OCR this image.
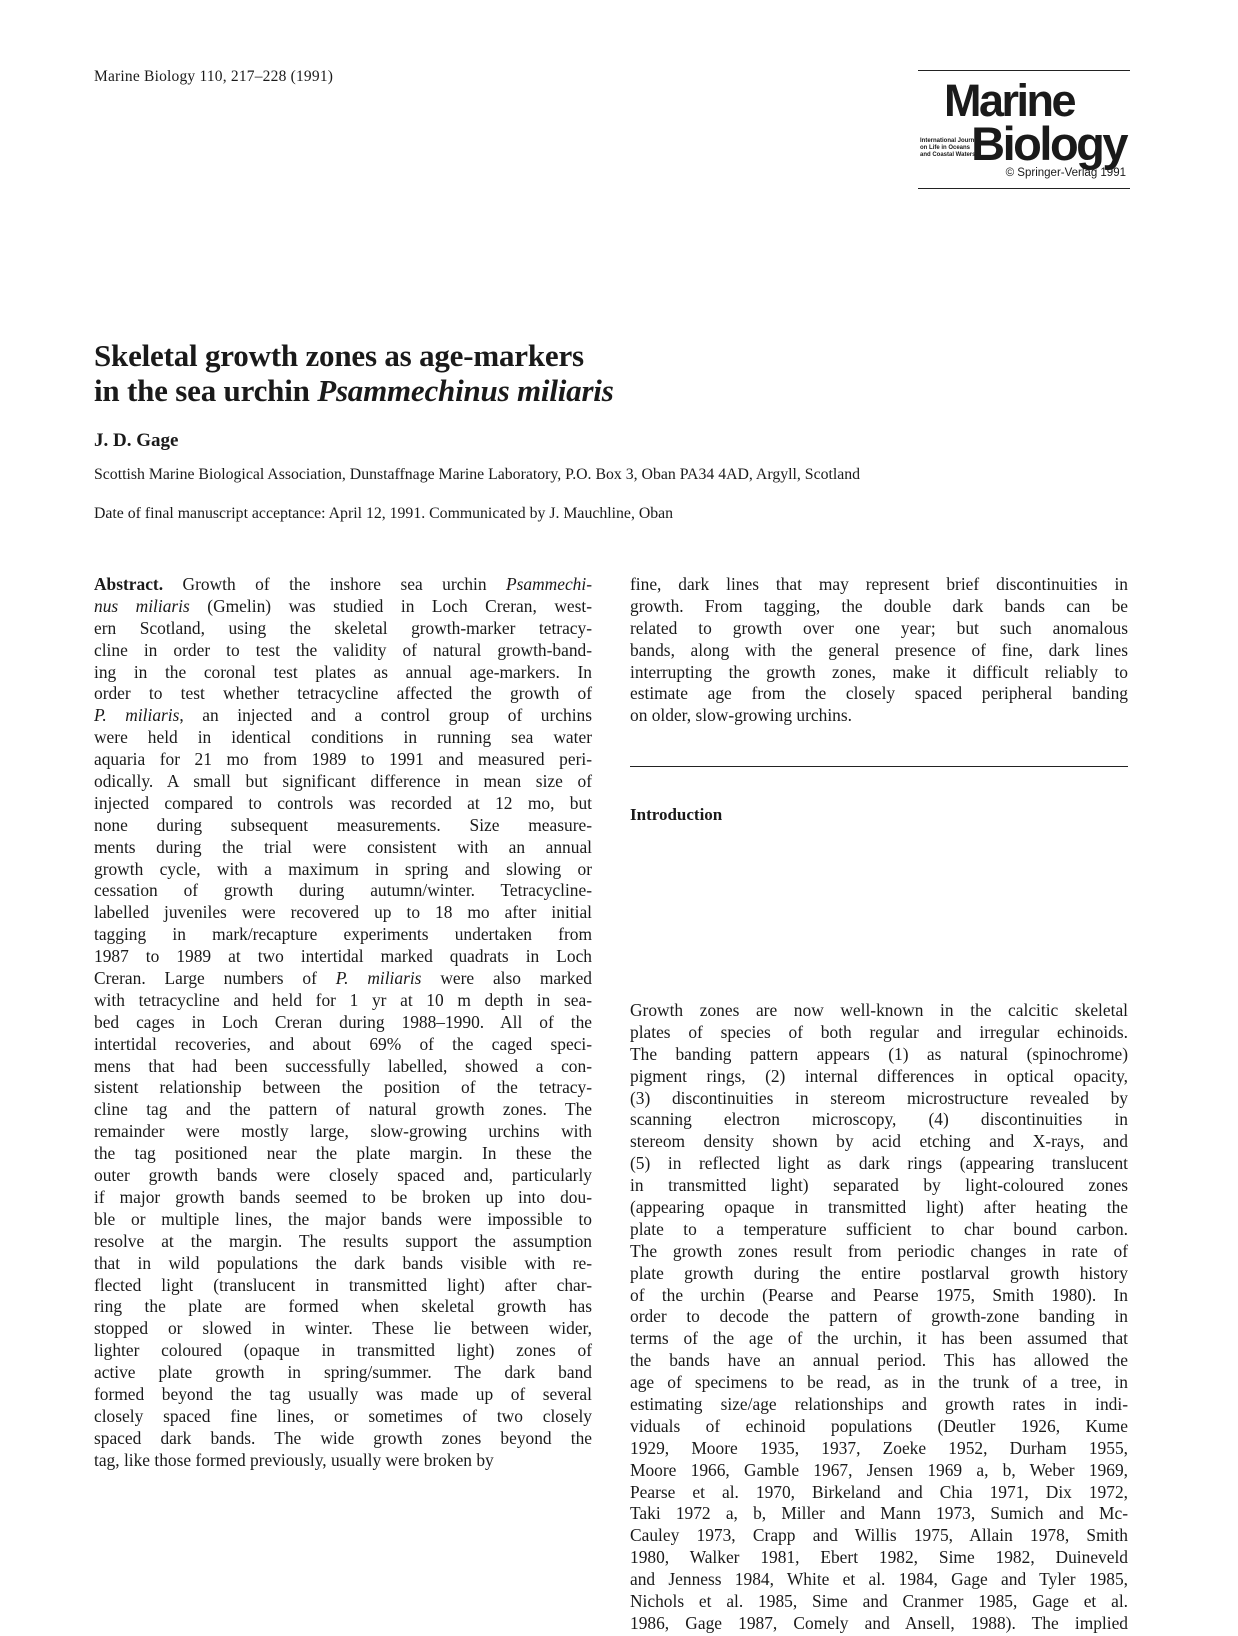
Marine Biology 110, 217–228 (1991)	Marine
International Journal
on Life in Oceans
and Coastal Waters
Biology
© Springer-Verlag 1991
Skeletal growth zones as age-markers
in the sea urchin Psammechinus miliaris
J. D. Gage
Scottish Marine Biological Association, Dunstaffnage Marine Laboratory, P.O. Box 3, Oban PA34 4AD, Argyll, Scotland
Date of final manuscript acceptance: April 12, 1991. Communicated by J. Mauchline, Oban
Abstract. Growth of the inshore sea urchin Psammechi-
nus miliaris (Gmelin) was studied in Loch Creran, west-
ern Scotland, using the skeletal growth-marker tetracy-
cline in order to test the validity of natural growth-band-
ing in the coronal test plates as annual age-markers. In
order to test whether tetracycline affected the growth of
P. miliaris, an injected and a control group of urchins
were held in identical conditions in running sea water
aquaria for 21 mo from 1989 to 1991 and measured peri-
odically. A small but significant difference in mean size of
injected compared to controls was recorded at 12 mo, but
none during subsequent measurements. Size measure-
ments during the trial were consistent with an annual
growth cycle, with a maximum in spring and slowing or
cessation of growth during autumn/winter. Tetracycline-
labelled juveniles were recovered up to 18 mo after initial
tagging in mark/recapture experiments undertaken from
1987 to 1989 at two intertidal marked quadrats in Loch
Creran. Large numbers of P. miliaris were also marked
with tetracycline and held for 1 yr at 10 m depth in sea-
bed cages in Loch Creran during 1988–1990. All of the
intertidal recoveries, and about 69% of the caged speci-
mens that had been successfully labelled, showed a con-
sistent relationship between the position of the tetracy-
cline tag and the pattern of natural growth zones. The
remainder were mostly large, slow-growing urchins with
the tag positioned near the plate margin. In these the
outer growth bands were closely spaced and, particularly
if major growth bands seemed to be broken up into dou-
ble or multiple lines, the major bands were impossible to
resolve at the margin. The results support the assumption
that in wild populations the dark bands visible with re-
flected light (translucent in transmitted light) after char-
ring the plate are formed when skeletal growth has
stopped or slowed in winter. These lie between wider,
lighter coloured (opaque in transmitted light) zones of
active plate growth in spring/summer. The dark band
formed beyond the tag usually was made up of several
closely spaced fine lines, or sometimes of two closely
spaced dark bands. The wide growth zones beyond the
tag, like those formed previously, usually were broken by
fine, dark lines that may represent brief discontinuities in
growth. From tagging, the double dark bands can be
related to growth over one year; but such anomalous
bands, along with the general presence of fine, dark lines
interrupting the growth zones, make it difficult reliably to
estimate age from the closely spaced peripheral banding
on older, slow-growing urchins.
Introduction
Growth zones are now well-known in the calcitic skeletal
plates of species of both regular and irregular echinoids.
The banding pattern appears (1) as natural (spinochrome)
pigment rings, (2) internal differences in optical opacity,
(3) discontinuities in stereom microstructure revealed by
scanning electron microscopy, (4) discontinuities in
stereom density shown by acid etching and X-rays, and
(5) in reflected light as dark rings (appearing translucent
in transmitted light) separated by light-coloured zones
(appearing opaque in transmitted light) after heating the
plate to a temperature sufficient to char bound carbon.
The growth zones result from periodic changes in rate of
plate growth during the entire postlarval growth history
of the urchin (Pearse and Pearse 1975, Smith 1980). In
order to decode the pattern of growth-zone banding in
terms of the age of the urchin, it has been assumed that
the bands have an annual period. This has allowed the
age of specimens to be read, as in the trunk of a tree, in
estimating size/age relationships and growth rates in indi-
viduals of echinoid populations (Deutler 1926, Kume
1929, Moore 1935, 1937, Zoeke 1952, Durham 1955,
Moore 1966, Gamble 1967, Jensen 1969 a, b, Weber 1969,
Pearse et al. 1970, Birkeland and Chia 1971, Dix 1972,
Taki 1972 a, b, Miller and Mann 1973, Sumich and Mc-
Cauley 1973, Crapp and Willis 1975, Allain 1978, Smith
1980, Walker 1981, Ebert 1982, Sime 1982, Duineveld
and Jenness 1984, White et al. 1984, Gage and Tyler 1985,
Nichols et al. 1985, Sime and Cranmer 1985, Gage et al.
1986, Gage 1987, Comely and Ansell, 1988). The implied
